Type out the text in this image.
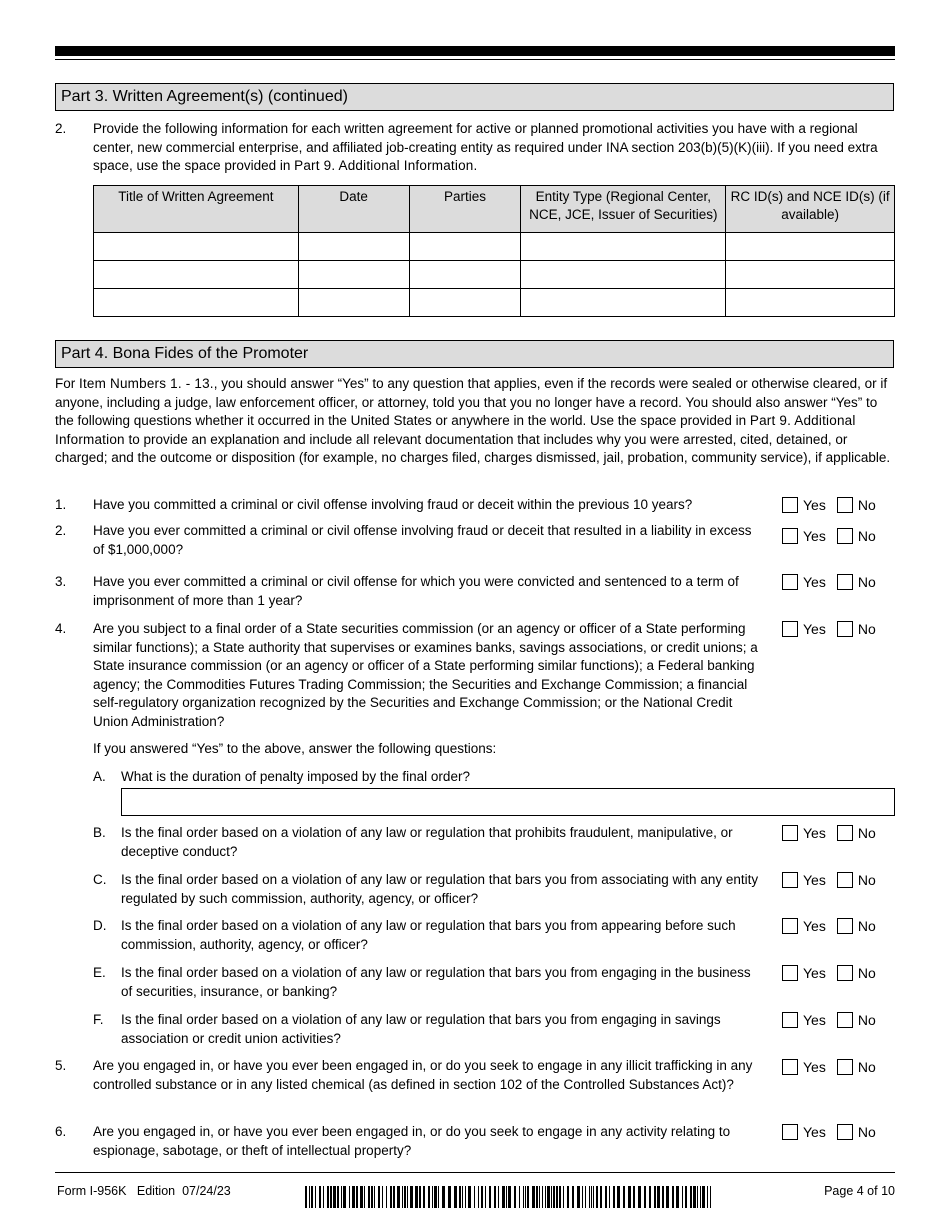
Part 3. Written Agreement(s) (continued)
2. Provide the following information for each written agreement for active or planned promotional activities you have with a regional center, new commercial enterprise, and affiliated job-creating entity as required under INA section 203(b)(5)(K)(iii). If you need extra space, use the space provided in Part 9. Additional Information.
Title of Written Agreement	Date	Parties	Entity Type (Regional Center, NCE, JCE, Issuer of Securities)	RC ID(s) and NCE ID(s) (if available)

Part 4. Bona Fides of the Promoter
For Item Numbers 1. - 13., you should answer “Yes” to any question that applies, even if the records were sealed or otherwise cleared, or if anyone, including a judge, law enforcement officer, or attorney, told you that you no longer have a record. You should also answer “Yes” to the following questions whether it occurred in the United States or anywhere in the world. Use the space provided in Part 9. Additional Information to provide an explanation and include all relevant documentation that includes why you were arrested, cited, detained, or charged; and the outcome or disposition (for example, no charges filed, charges dismissed, jail, probation, community service), if applicable.
1. Have you committed a criminal or civil offense involving fraud or deceit within the previous 10 years?	Yes No
2. Have you ever committed a criminal or civil offense involving fraud or deceit that resulted in a liability in excess of $1,000,000?
Yes No
3. Have you ever committed a criminal or civil offense for which you were convicted and sentenced to a term of imprisonment of more than 1 year?
Yes No
4. Are you subject to a final order of a State securities commission (or an agency or officer of a State performing similar functions); a State authority that supervises or examines banks, savings associations, or credit unions; a State insurance commission (or an agency or officer of a State performing similar functions); a Federal banking agency; the Commodities Futures Trading Commission; the Securities and Exchange Commission; a financial self-regulatory organization recognized by the Securities and Exchange Commission; or the National Credit Union Administration?
Yes No
If you answered “Yes” to the above, answer the following questions:
A. What is the duration of penalty imposed by the final order?
B. Is the final order based on a violation of any law or regulation that prohibits fraudulent, manipulative, or deceptive conduct?
Yes No
C. Is the final order based on a violation of any law or regulation that bars you from associating with any entity regulated by such commission, authority, agency, or officer?
Yes No
D. Is the final order based on a violation of any law or regulation that bars you from appearing before such commission, authority, agency, or officer?
Yes No
E. Is the final order based on a violation of any law or regulation that bars you from engaging in the business of securities, insurance, or banking?
Yes No
F. Is the final order based on a violation of any law or regulation that bars you from engaging in savings association or credit union activities?
Yes No
5. Are you engaged in, or have you ever been engaged in, or do you seek to engage in any illicit trafficking in any controlled substance or in any listed chemical (as defined in section 102 of the Controlled Substances Act)?
Yes No
6. Are you engaged in, or have you ever been engaged in, or do you seek to engage in any activity relating to espionage, sabotage, or theft of intellectual property?
Yes No
Form I-956K Edition 07/24/23	Page 4 of 10
